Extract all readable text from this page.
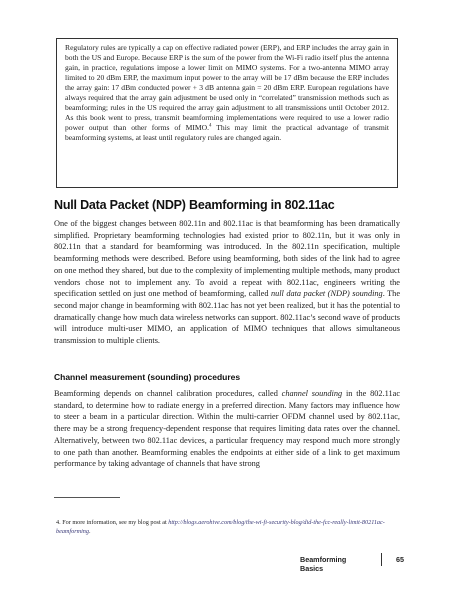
Regulatory rules are typically a cap on effective radiated power (ERP), and ERP includes the array gain in both the US and Europe. Because ERP is the sum of the power from the Wi-Fi radio itself plus the antenna gain, in practice, regulations impose a lower limit on MIMO systems. For a two-antenna MIMO array limited to 20 dBm ERP, the maximum input power to the array will be 17 dBm because the ERP includes the array gain: 17 dBm conducted power + 3 dB antenna gain = 20 dBm ERP. European regulations have always required that the array gain adjustment be used only in “correlated” transmission methods such as beamforming; rules in the US required the array gain adjustment to all transmissions until October 2012. As this book went to press, transmit beamforming implementations were required to use a lower radio power output than other forms of MIMO.$^4$ This may limit the practical advantage of transmit beamforming systems, at least until regulatory rules are changed again.

Null Data Packet (NDP) Beamforming in 802.11ac

One of the biggest changes between 802.11n and 802.11ac is that beamforming has been dramatically simplified. Proprietary beamforming technologies had existed prior to 802.11n, but it was only in 802.11n that a standard for beamforming was introduced. In the 802.11n specification, multiple beamforming methods were described. Before using beamforming, both sides of the link had to agree on one method they shared, but due to the complexity of implementing multiple methods, many product vendors chose not to implement any. To avoid a repeat with 802.11ac, engineers writing the specification settled on just one method of beamforming, called null data packet (NDP) sounding. The second major change in beamforming with 802.11ac has not yet been realized, but it has the potential to dramatically change how much data wireless networks can support. 802.11ac’s second wave of products will introduce multi-user MIMO, an application of MIMO techniques that allows simultaneous transmission to multiple clients.

Channel measurement (sounding) procedures

Beamforming depends on channel calibration procedures, called channel sounding in the 802.11ac standard, to determine how to radiate energy in a preferred direction. Many factors may influence how to steer a beam in a particular direction. Within the multi-carrier OFDM channel used by 802.11ac, there may be a strong frequency-dependent response that requires limiting data rates over the channel. Alternatively, between two 802.11ac devices, a particular frequency may respond much more strongly to one path than another. Beamforming enables the endpoints at either side of a link to get maximum performance by taking advantage of channels that have strong

4. For more information, see my blog post at http://blogs.aerohive.com/blog/the-wi-fi-security-blog/did-the-fcc-really-limit-80211ac-beamforming.

Beamforming Basics
65
